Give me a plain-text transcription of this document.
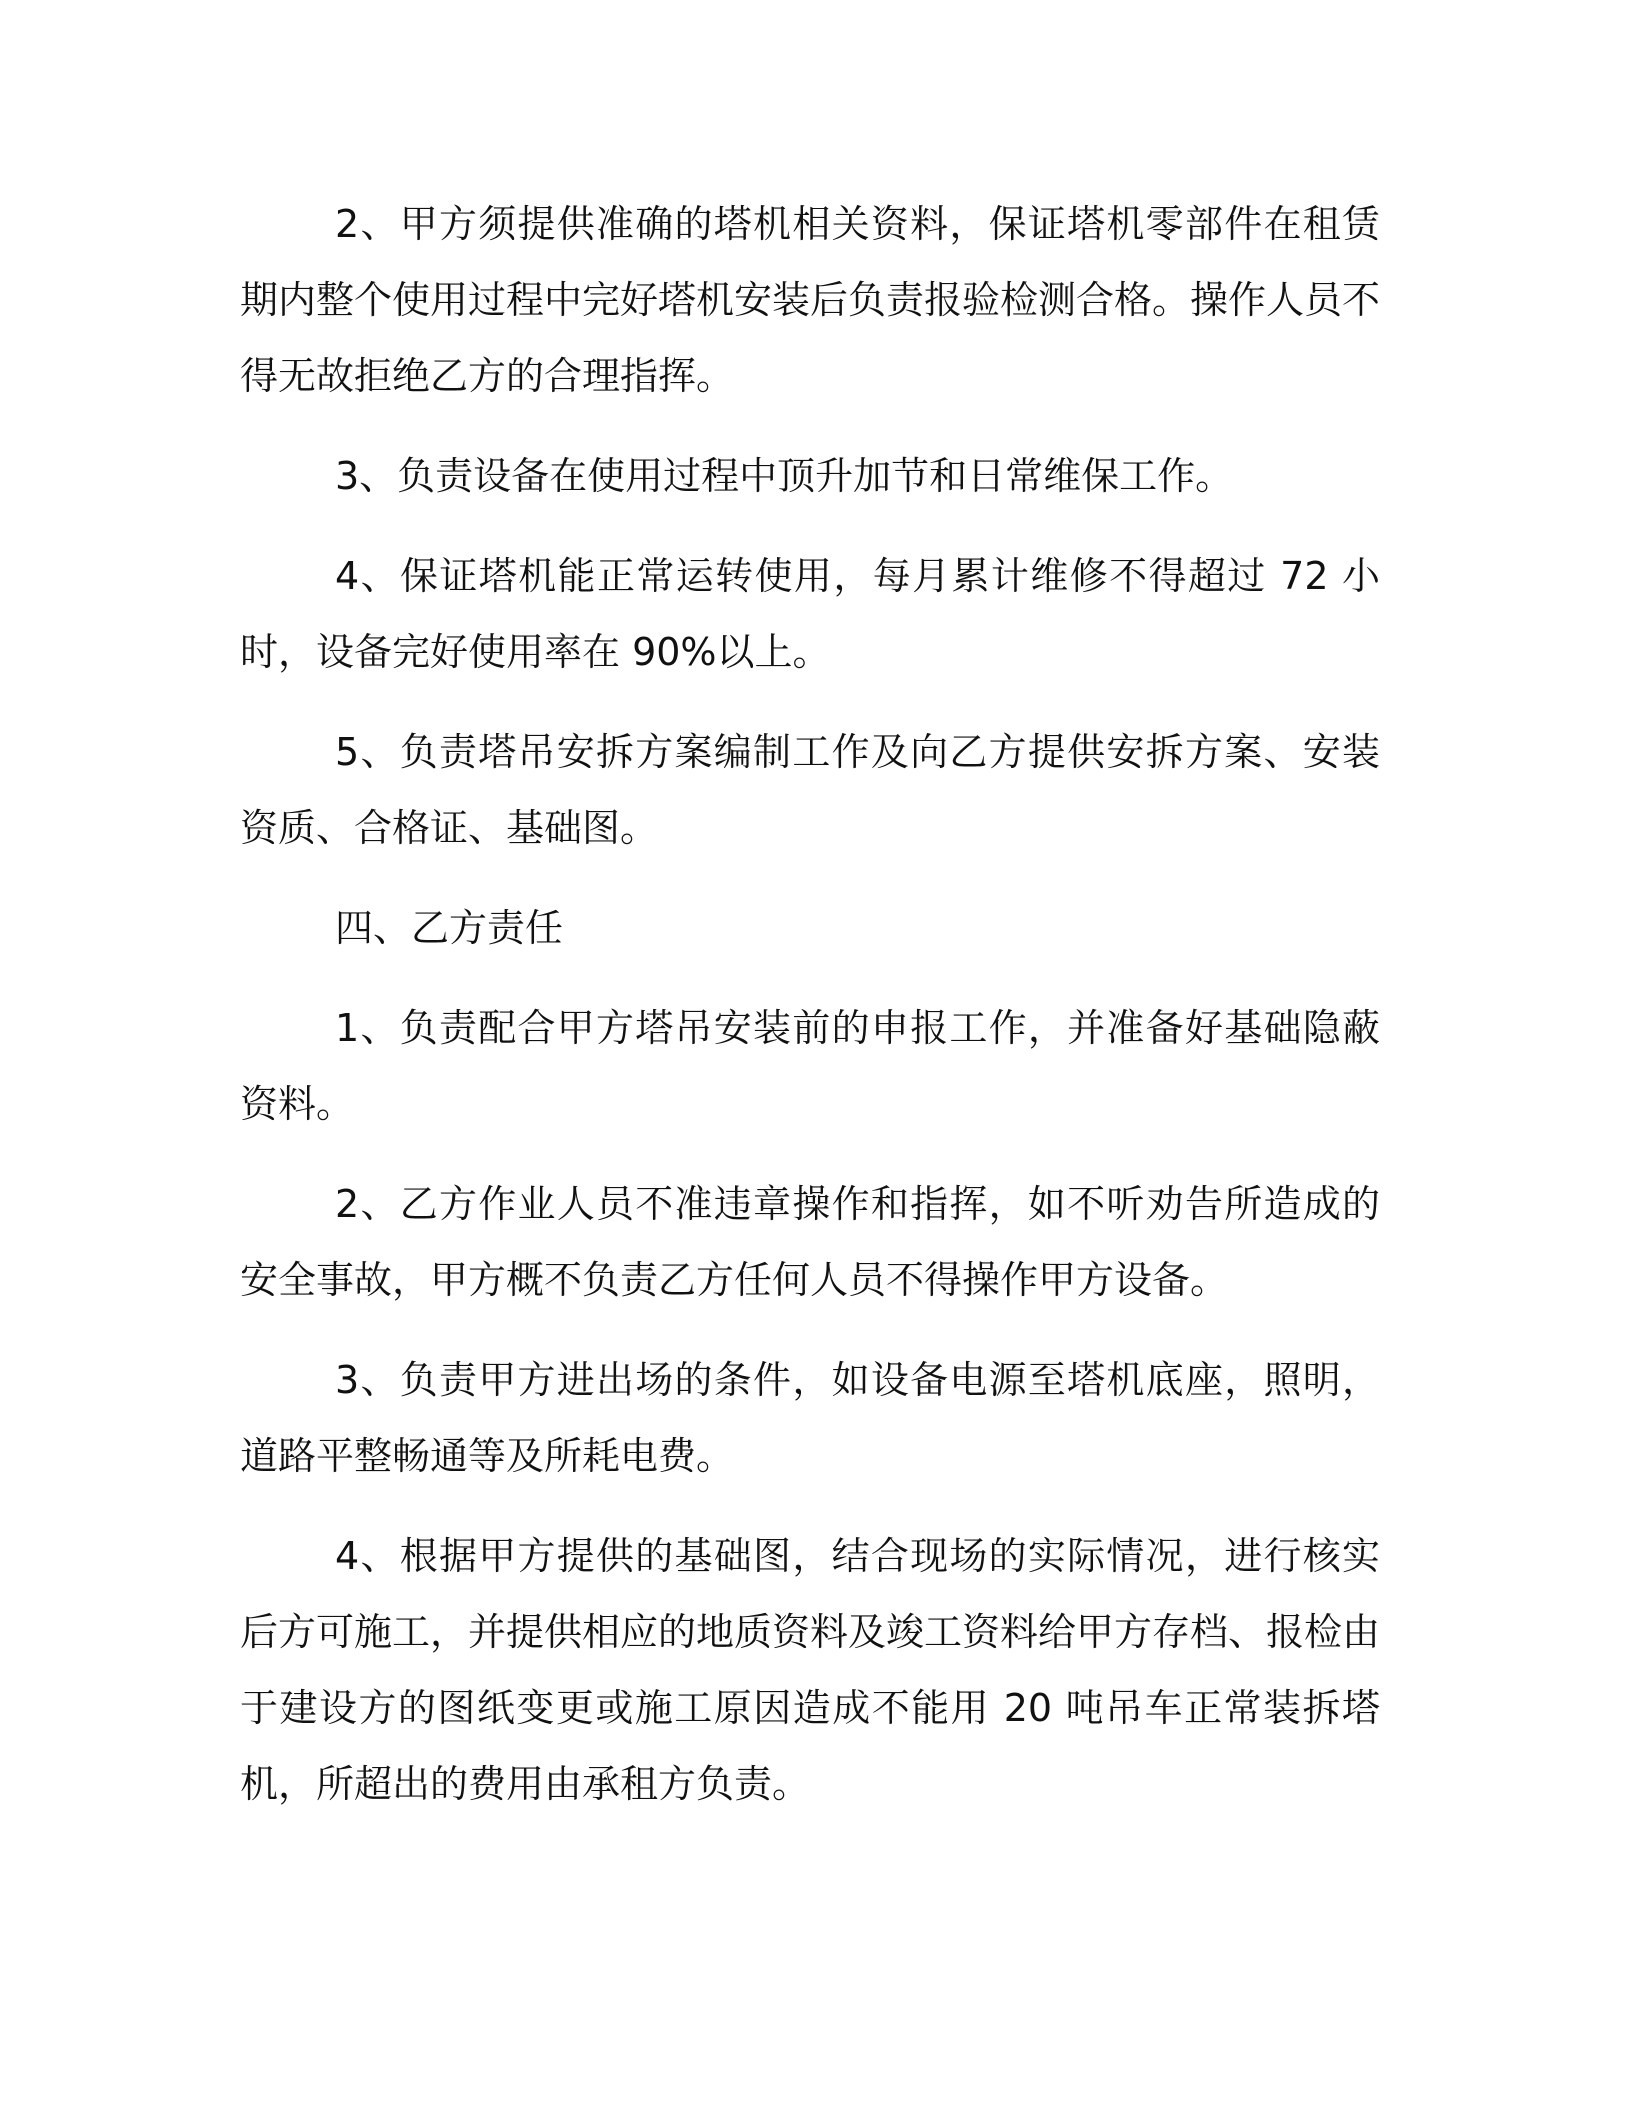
2、甲方须提供准确的塔机相关资料，保证塔机零部件在租赁期内整个使用过程中完好塔机安装后负责报验检测合格。操作人员不得无故拒绝乙方的合理指挥。

3、负责设备在使用过程中顶升加节和日常维保工作。

4、保证塔机能正常运转使用，每月累计维修不得超过 72 小时，设备完好使用率在 90%以上。

5、负责塔吊安拆方案编制工作及向乙方提供安拆方案、安装资质、合格证、基础图。

四、乙方责任

1、负责配合甲方塔吊安装前的申报工作，并准备好基础隐蔽资料。

2、乙方作业人员不准违章操作和指挥，如不听劝告所造成的安全事故，甲方概不负责乙方任何人员不得操作甲方设备。

3、负责甲方进出场的条件，如设备电源至塔机底座，照明，道路平整畅通等及所耗电费。

4、根据甲方提供的基础图，结合现场的实际情况，进行核实后方可施工，并提供相应的地质资料及竣工资料给甲方存档、报检由于建设方的图纸变更或施工原因造成不能用 20 吨吊车正常装拆塔机，所超出的费用由承租方负责。
